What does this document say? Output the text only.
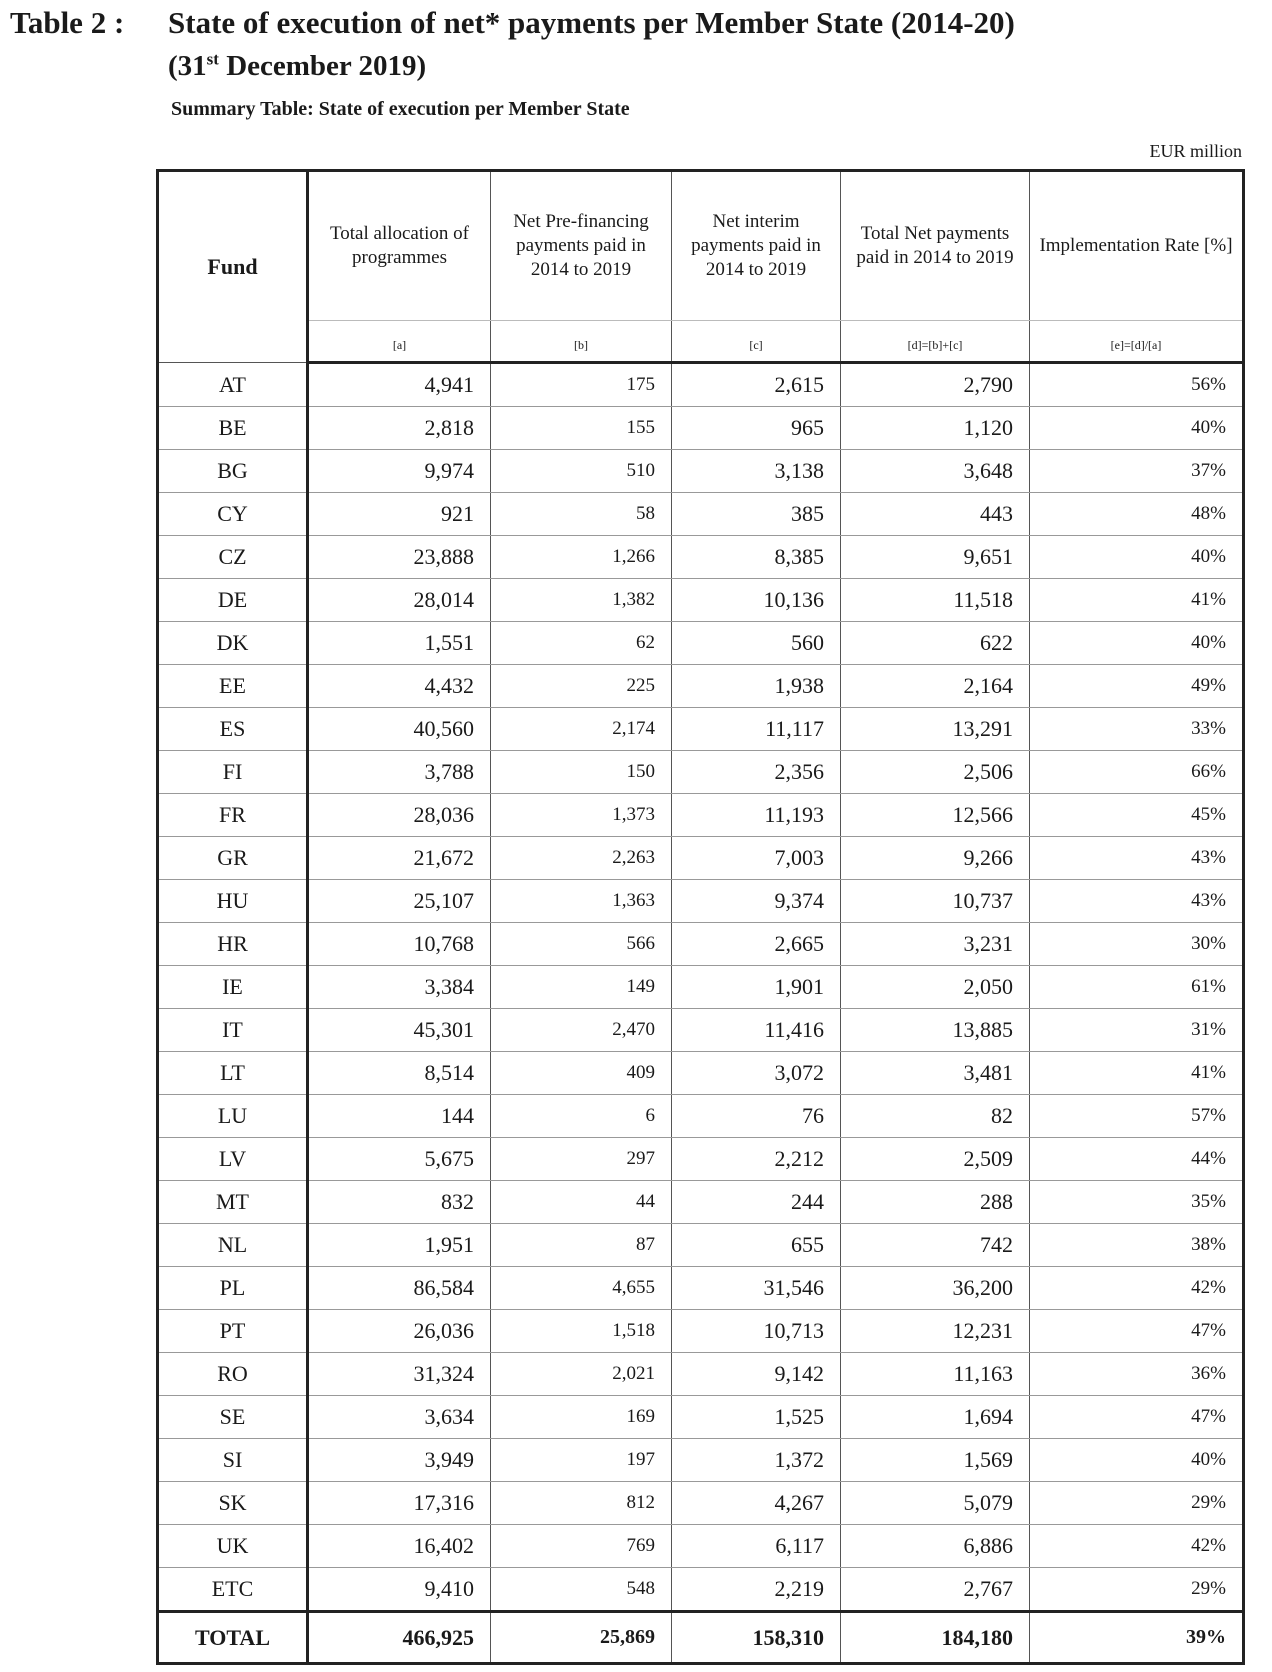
Table 2 : State of execution of net* payments per Member State (2014-20)
(31st December 2019)
Summary Table: State of execution per Member State
EUR million
Fund	Total allocation of programmes	Net Pre-financing payments paid in 2014 to 2019	Net interim payments paid in 2014 to 2019	Total Net payments paid in 2014 to 2019	Implementation Rate [%]
	[a]	[b]	[c]	[d]=[b]+[c]	[e]=[d]/[a]
AT	4,941	175	2,615	2,790	56%
BE	2,818	155	965	1,120	40%
BG	9,974	510	3,138	3,648	37%
CY	921	58	385	443	48%
CZ	23,888	1,266	8,385	9,651	40%
DE	28,014	1,382	10,136	11,518	41%
DK	1,551	62	560	622	40%
EE	4,432	225	1,938	2,164	49%
ES	40,560	2,174	11,117	13,291	33%
FI	3,788	150	2,356	2,506	66%
FR	28,036	1,373	11,193	12,566	45%
GR	21,672	2,263	7,003	9,266	43%
HU	25,107	1,363	9,374	10,737	43%
HR	10,768	566	2,665	3,231	30%
IE	3,384	149	1,901	2,050	61%
IT	45,301	2,470	11,416	13,885	31%
LT	8,514	409	3,072	3,481	41%
LU	144	6	76	82	57%
LV	5,675	297	2,212	2,509	44%
MT	832	44	244	288	35%
NL	1,951	87	655	742	38%
PL	86,584	4,655	31,546	36,200	42%
PT	26,036	1,518	10,713	12,231	47%
RO	31,324	2,021	9,142	11,163	36%
SE	3,634	169	1,525	1,694	47%
SI	3,949	197	1,372	1,569	40%
SK	17,316	812	4,267	5,079	29%
UK	16,402	769	6,117	6,886	42%
ETC	9,410	548	2,219	2,767	29%
TOTAL	466,925	25,869	158,310	184,180	39%
